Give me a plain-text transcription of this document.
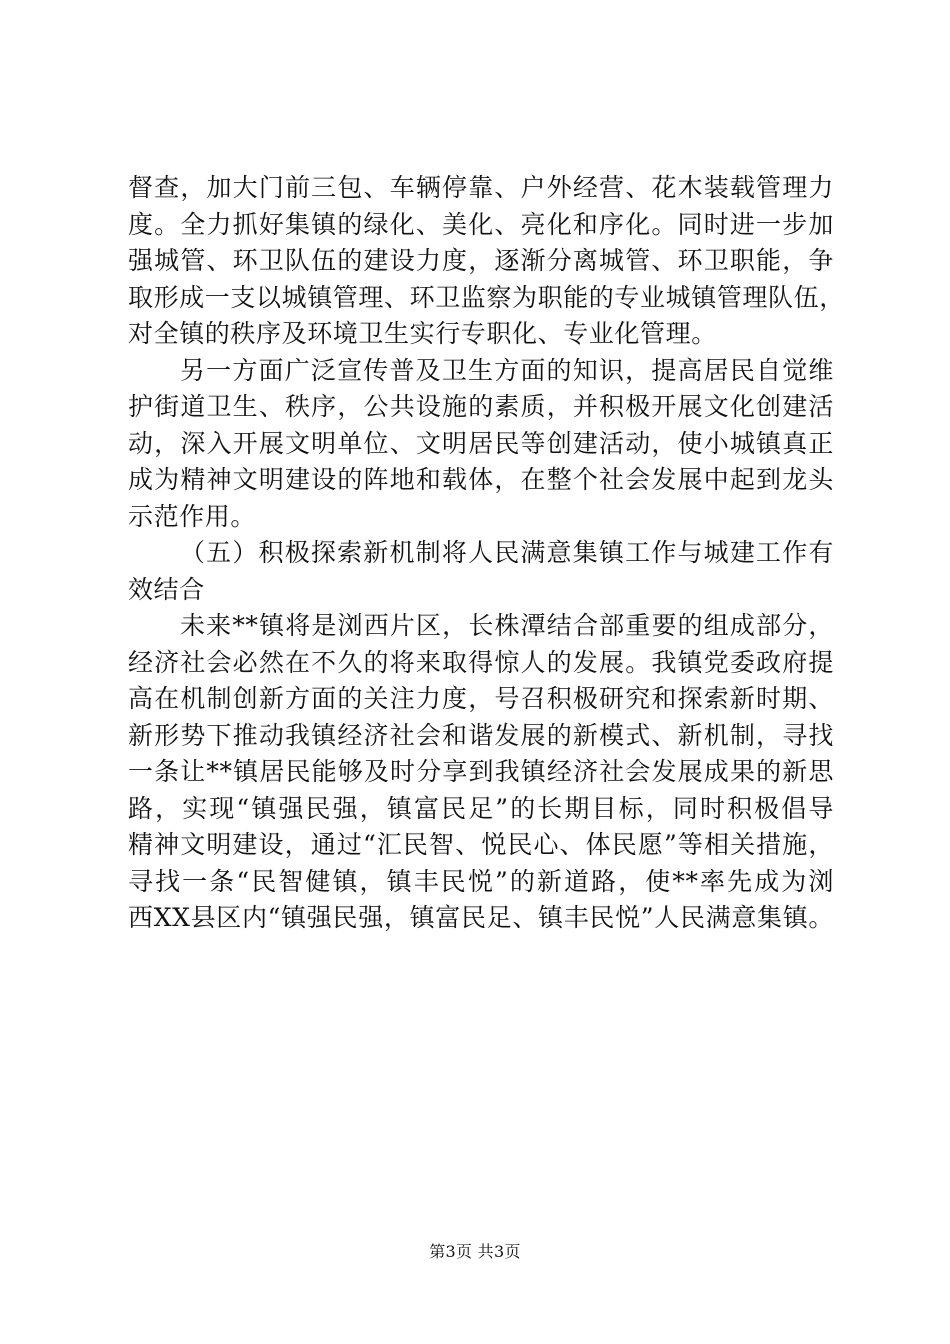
督查，加大门前三包、车辆停靠、户外经营、花木装载管理力
度。全力抓好集镇的绿化、美化、亮化和序化。同时进一步加
强城管、环卫队伍的建设力度，逐渐分离城管、环卫职能，争
取形成一支以城镇管理、环卫监察为职能的专业城镇管理队伍，
对全镇的秩序及环境卫生实行专职化、专业化管理。
另一方面广泛宣传普及卫生方面的知识，提高居民自觉维
护街道卫生、秩序，公共设施的素质，并积极开展文化创建活
动，深入开展文明单位、文明居民等创建活动，使小城镇真正
成为精神文明建设的阵地和载体，在整个社会发展中起到龙头
示范作用。
（五）积极探索新机制将人民满意集镇工作与城建工作有
效结合
未来**镇将是浏西片区，长株潭结合部重要的组成部分，
经济社会必然在不久的将来取得惊人的发展。我镇党委政府提
高在机制创新方面的关注力度，号召积极研究和探索新时期、
新形势下推动我镇经济社会和谐发展的新模式、新机制，寻找
一条让**镇居民能够及时分享到我镇经济社会发展成果的新思
路，实现“镇强民强，镇富民足”的长期目标，同时积极倡导
精神文明建设，通过“汇民智、悦民心、体民愿”等相关措施，
寻找一条“民智健镇，镇丰民悦”的新道路，使**率先成为浏
西XX县区内“镇强民强，镇富民足、镇丰民悦”人民满意集镇。
第3页 共3页
